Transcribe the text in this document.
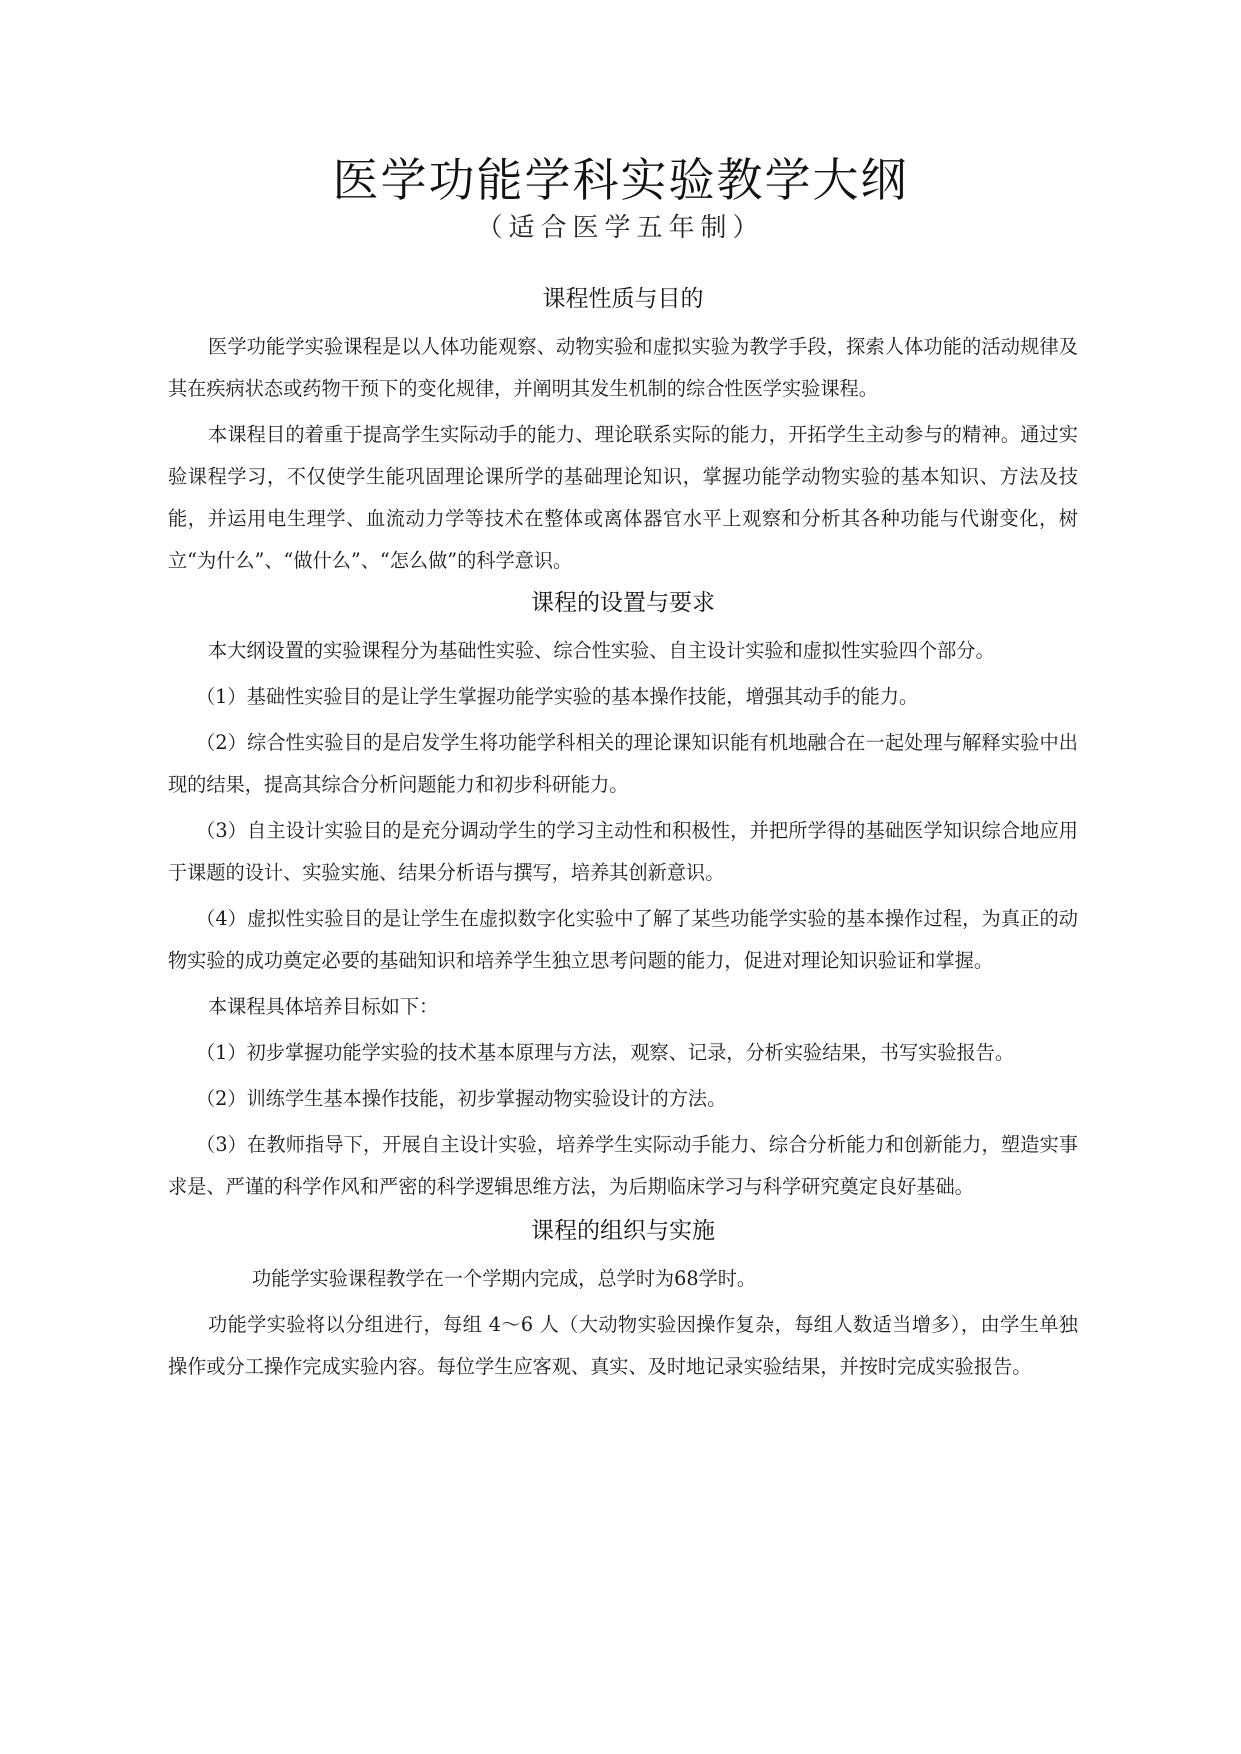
医学功能学科实验教学大纲
（适合医学五年制）
课程性质与目的

医学功能学实验课程是以人体功能观察、动物实验和虚拟实验为教学手段，探索人体功能的活动规律及其在疾病状态或药物干预下的变化规律，并阐明其发生机制的综合性医学实验课程。

本课程目的着重于提高学生实际动手的能力、理论联系实际的能力，开拓学生主动参与的精神。通过实验课程学习，不仅使学生能巩固理论课所学的基础理论知识，掌握功能学动物实验的基本知识、方法及技能，并运用电生理学、血流动力学等技术在整体或离体器官水平上观察和分析其各种功能与代谢变化，树立“为什么”、“做什么”、“怎么做”的科学意识。

课程的设置与要求

本大纲设置的实验课程分为基础性实验、综合性实验、自主设计实验和虚拟性实验四个部分。

（1）基础性实验目的是让学生掌握功能学实验的基本操作技能，增强其动手的能力。

（2）综合性实验目的是启发学生将功能学科相关的理论课知识能有机地融合在一起处理与解释实验中出现的结果，提高其综合分析问题能力和初步科研能力。

（3）自主设计实验目的是充分调动学生的学习主动性和积极性，并把所学得的基础医学知识综合地应用于课题的设计、实验实施、结果分析语与撰写，培养其创新意识。

（4）虚拟性实验目的是让学生在虚拟数字化实验中了解了某些功能学实验的基本操作过程，为真正的动物实验的成功奠定必要的基础知识和培养学生独立思考问题的能力，促进对理论知识验证和掌握。

本课程具体培养目标如下：

（1）初步掌握功能学实验的技术基本原理与方法，观察、记录，分析实验结果，书写实验报告。

（2）训练学生基本操作技能，初步掌握动物实验设计的方法。

（3）在教师指导下，开展自主设计实验，培养学生实际动手能力、综合分析能力和创新能力，塑造实事求是、严谨的科学作风和严密的科学逻辑思维方法，为后期临床学习与科学研究奠定良好基础。

课程的组织与实施

功能学实验课程教学在一个学期内完成，总学时为68学时。

功能学实验将以分组进行，每组 4～6 人（大动物实验因操作复杂，每组人数适当增多），由学生单独操作或分工操作完成实验内容。每位学生应客观、真实、及时地记录实验结果，并按时完成实验报告。
